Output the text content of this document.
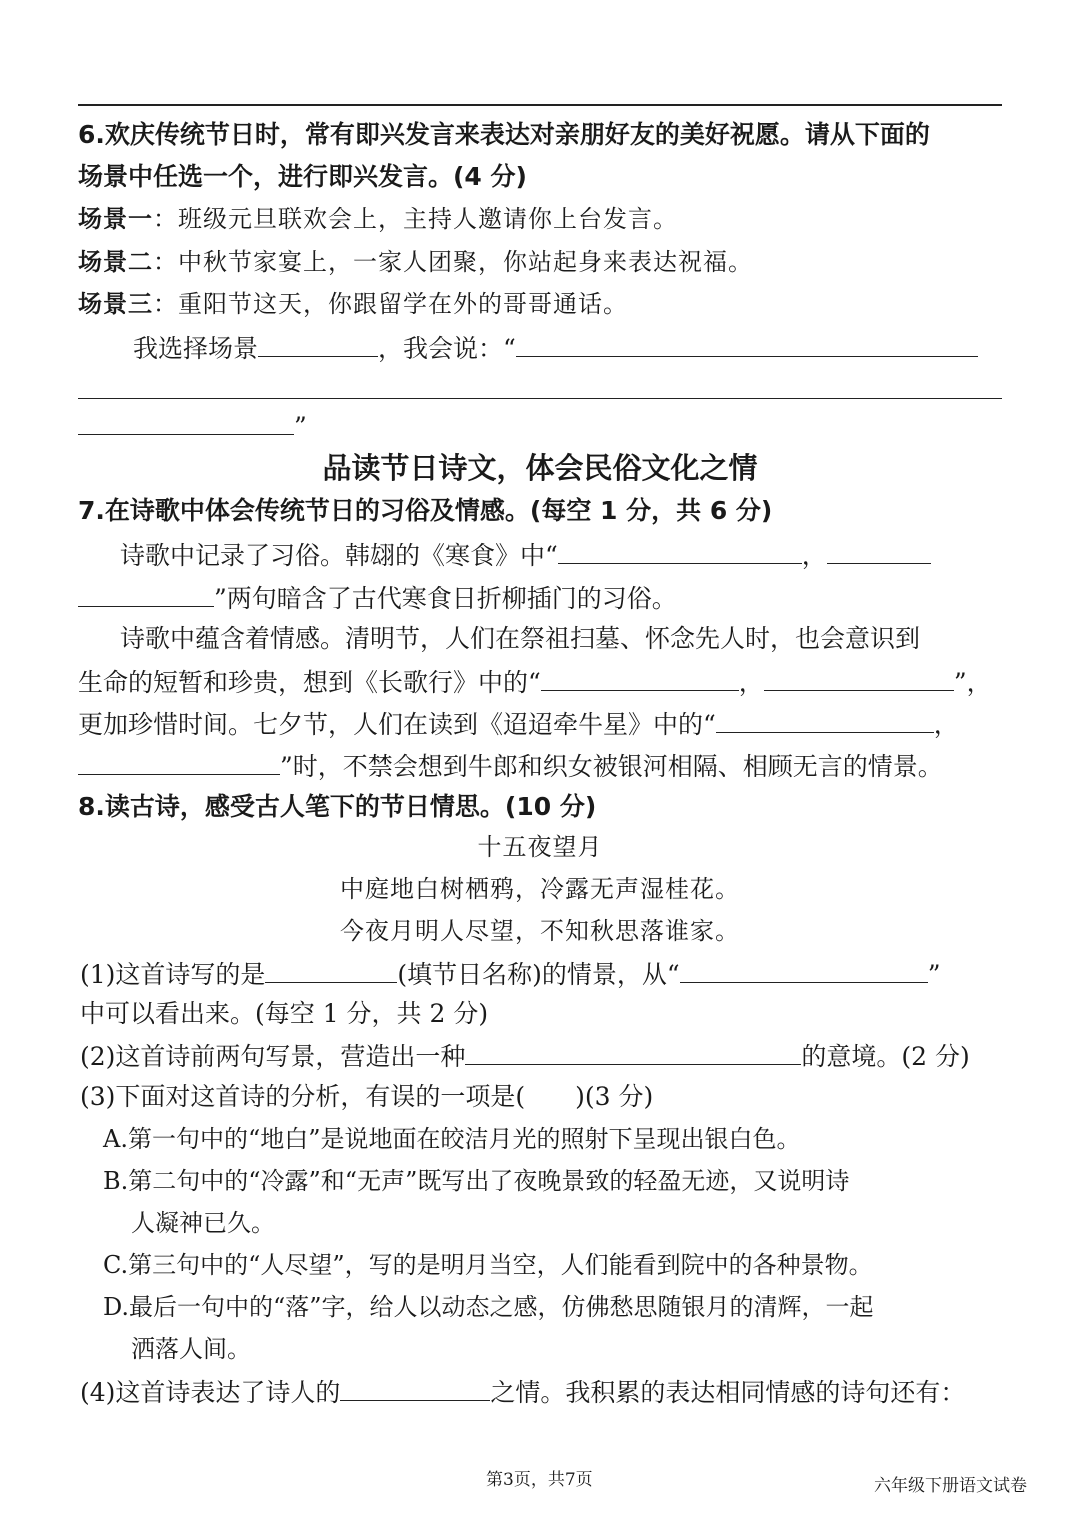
6.欢庆传统节日时，常有即兴发言来表达对亲朋好友的美好祝愿。请从下面的
场景中任选一个，进行即兴发言。(4 分)
场景一：班级元旦联欢会上，主持人邀请你上台发言。
场景二：中秋节家宴上，一家人团聚，你站起身来表达祝福。
场景三：重阳节这天，你跟留学在外的哥哥通话。
我选择场景	，我会说：“
”
品读节日诗文，体会民俗文化之情
7.在诗歌中体会传统节日的习俗及情感。(每空 1 分，共 6 分)
诗歌中记录了习俗。韩翃的《寒食》中“	，
”两句暗含了古代寒食日折柳插门的习俗。
诗歌中蕴含着情感。清明节，人们在祭祖扫墓、怀念先人时，也会意识到
生命的短暂和珍贵，想到《长歌行》中的“	，	”，
更加珍惜时间。七夕节，人们在读到《迢迢牵牛星》中的“	，
”时，不禁会想到牛郎和织女被银河相隔、相顾无言的情景。
8.读古诗，感受古人笔下的节日情思。(10 分)
十五夜望月
中庭地白树栖鸦，冷露无声湿桂花。
今夜月明人尽望，不知秋思落谁家。
(1)这首诗写的是	(填节日名称)的情景，从“	”
中可以看出来。(每空 1 分，共 2 分)
(2)这首诗前两句写景，营造出一种	的意境。(2 分)
(3)下面对这首诗的分析，有误的一项是(　　)(3 分)
A.第一句中的“地白”是说地面在皎洁月光的照射下呈现出银白色。
B.第二句中的“冷露”和“无声”既写出了夜晚景致的轻盈无迹，又说明诗
人凝神已久。
C.第三句中的“人尽望”，写的是明月当空，人们能看到院中的各种景物。
D.最后一句中的“落”字，给人以动态之感，仿佛愁思随银月的清辉，一起
洒落人间。
(4)这首诗表达了诗人的	之情。我积累的表达相同情感的诗句还有：
第3页，共7页	六年级下册语文试卷
